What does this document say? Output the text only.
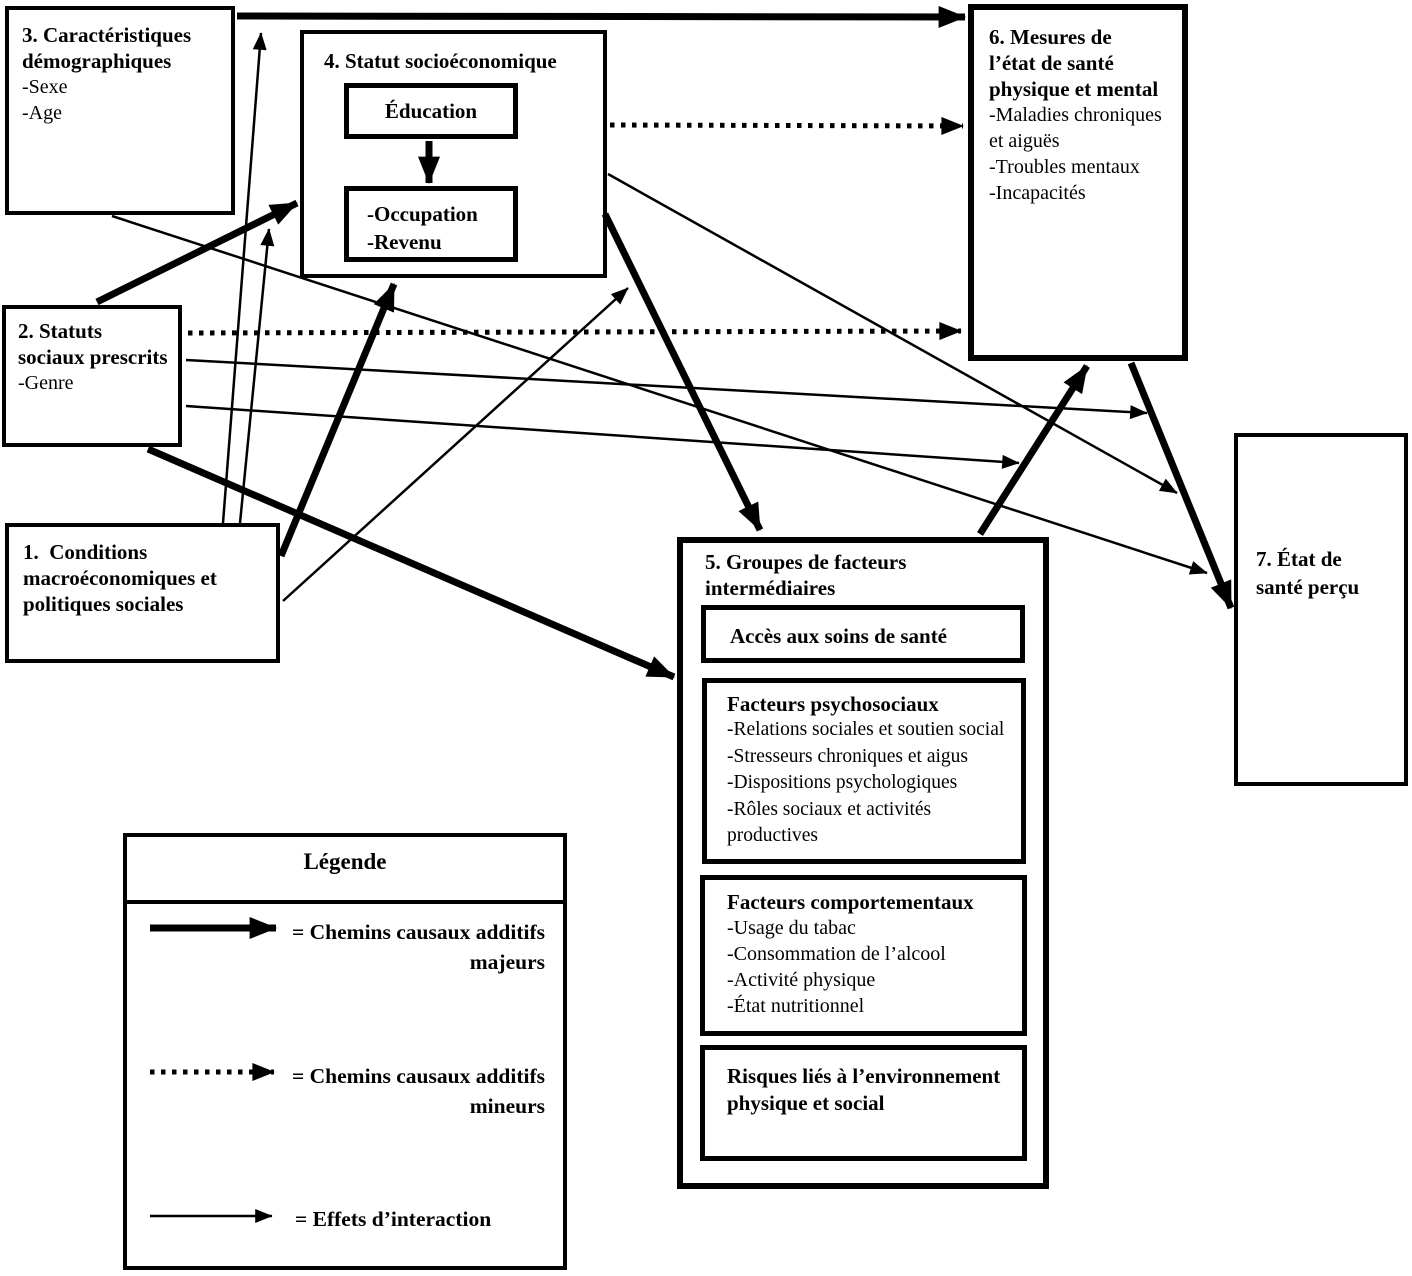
3. Caractéristiques démographiques
-Sexe
-Age
2. Statuts sociaux prescrits
-Genre
1.  Conditions macroéconomiques et politiques sociales
4. Statut socioéconomique
Éducation
-Occupation
-Revenu
6. Mesures de l’état de santé physique et mental
-Maladies chroniques et aiguës
-Troubles mentaux
-Incapacités
7. État de santé perçu
5. Groupes de facteurs intermédiaires
Accès aux soins de santé
Facteurs psychosociaux
-Relations sociales et soutien social
-Stresseurs chroniques et aigus
-Dispositions psychologiques
-Rôles sociaux et activités productives
Facteurs comportementaux
-Usage du tabac
-Consommation de l’alcool
-Activité physique
-État nutritionnel
Risques liés à l’environnement physique et social
Légende
= Chemins causaux additifs
majeurs
= Chemins causaux additifs
mineurs
= Effets d’interaction
